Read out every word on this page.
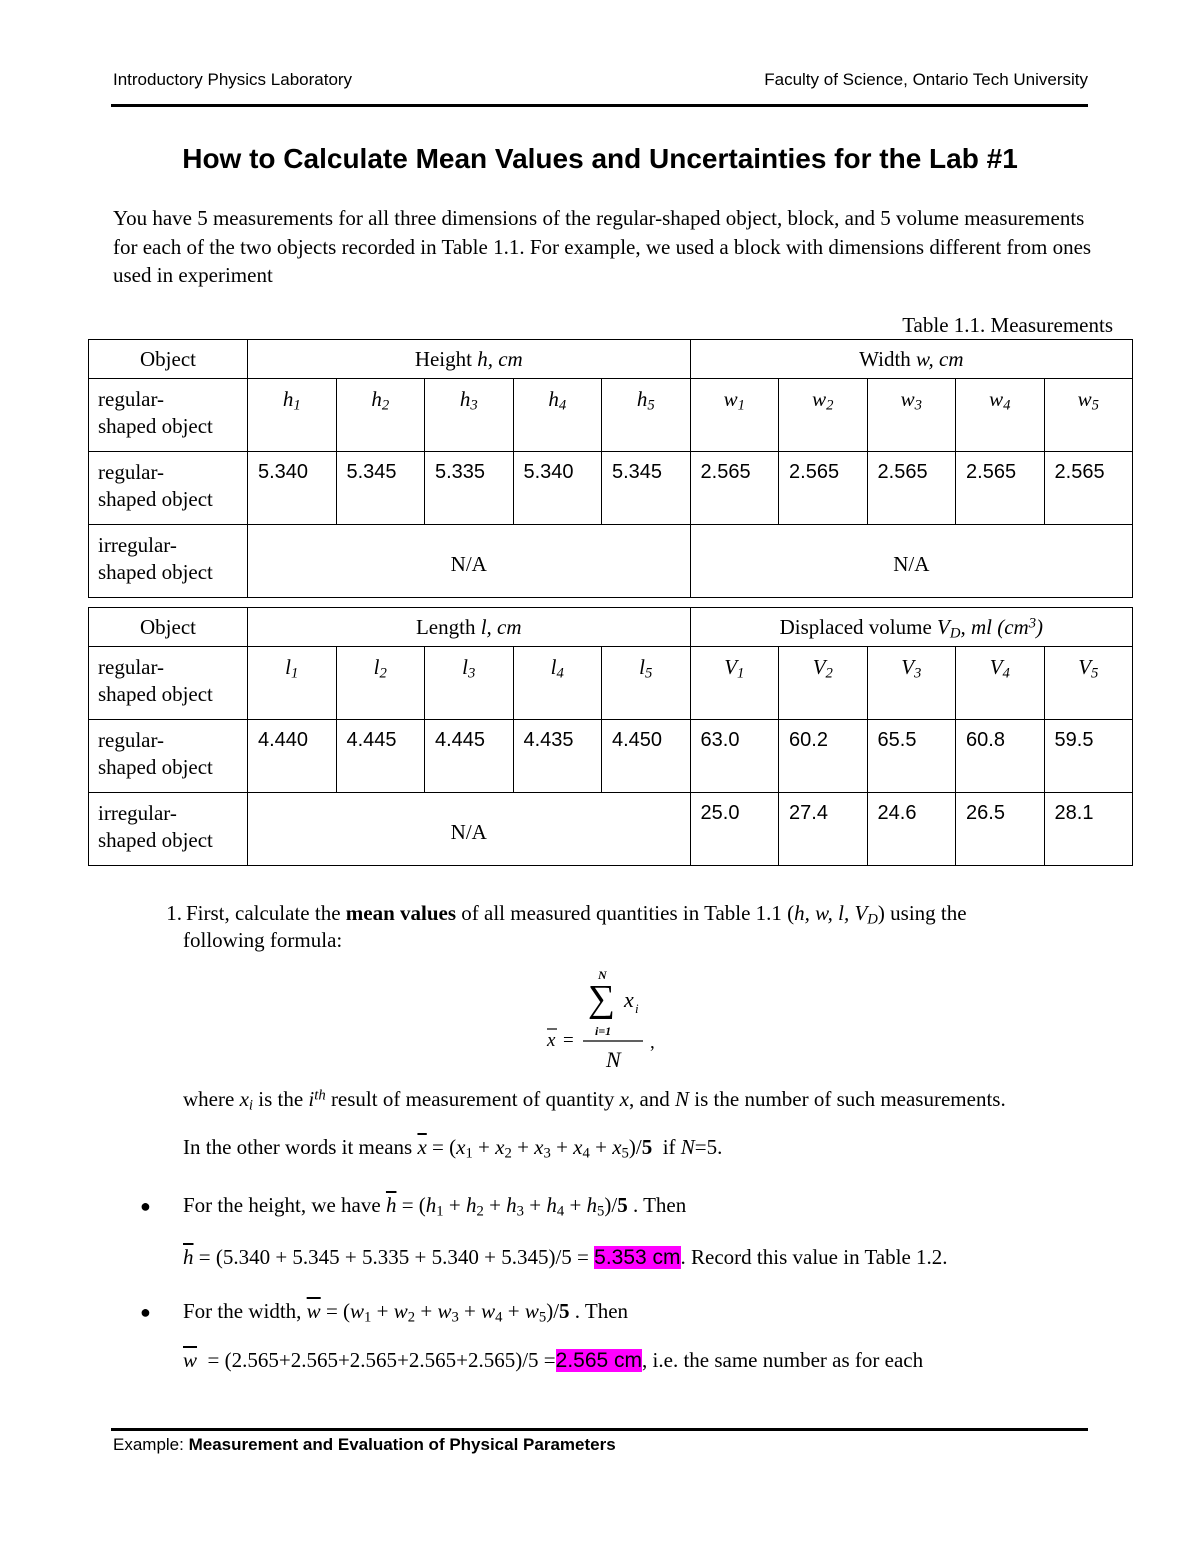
Introductory Physics Laboratory	Faculty of Science, Ontario Tech University
How to Calculate Mean Values and Uncertainties for the Lab #1
You have 5 measurements for all three dimensions of the regular-shaped object, block, and 5 volume measurements for each of the two objects recorded in Table 1.1. For example, we used a block with dimensions different from ones used in experiment
Table 1.1. Measurements
Object	Height h, cm					Width w, cm				
regular-
shaped object	$h_1$	$h_2$	$h_3$	$h_4$	$h_5$	$w_1$	$w_2$	$w_3$	$w_4$	$w_5$
regular-
shaped object	5.340	5.345	5.335	5.340	5.345	2.565	2.565	2.565	2.565	2.565
irregular-
shaped object	N/A					N/A				
Object	Length l, cm					Displaced volume $V_D$, ml $(cm^3)$				
regular-
shaped object	$l_1$	$l_2$	$l_3$	$l_4$	$l_5$	$V_1$	$V_2$	$V_3$	$V_4$	$V_5$
regular-
shaped object	4.440	4.445	4.445	4.435	4.450	63.0	60.2	65.5	60.8	59.5
irregular-
shaped object	N/A					25.0	27.4	24.6	26.5	28.1
1. First, calculate the mean values of all measured quantities in Table 1.1 (h, w, l, $V_D$) using the
following formula:
N
∑ x i
i=1
x =
N
,
where $x_i$ is the $i^{th}$ result of measurement of quantity x, and N is the number of such measurements.
In the other words it means $\overline{x} = (x_1 + x_2 + x_3 + x_4 + x_5)/5$  if N=5.
● For the height, we have $\overline{h} = (h_1 + h_2 + h_3 + h_4 + h_5)/5$ . Then
$\overline{h} = (5.340 + 5.345 + 5.335 + 5.340 + 5.345)/5 = 5.353$ cm. Record this value in Table 1.2.
● For the width, $\overline{w} = (w_1 + w_2 + w_3 + w_4 + w_5)/5$ . Then
$\overline{w} = (2.565+2.565+2.565+2.565+2.565)/5 =2.565$ cm, i.e. the same number as for each
Example: Measurement and Evaluation of Physical Parameters
